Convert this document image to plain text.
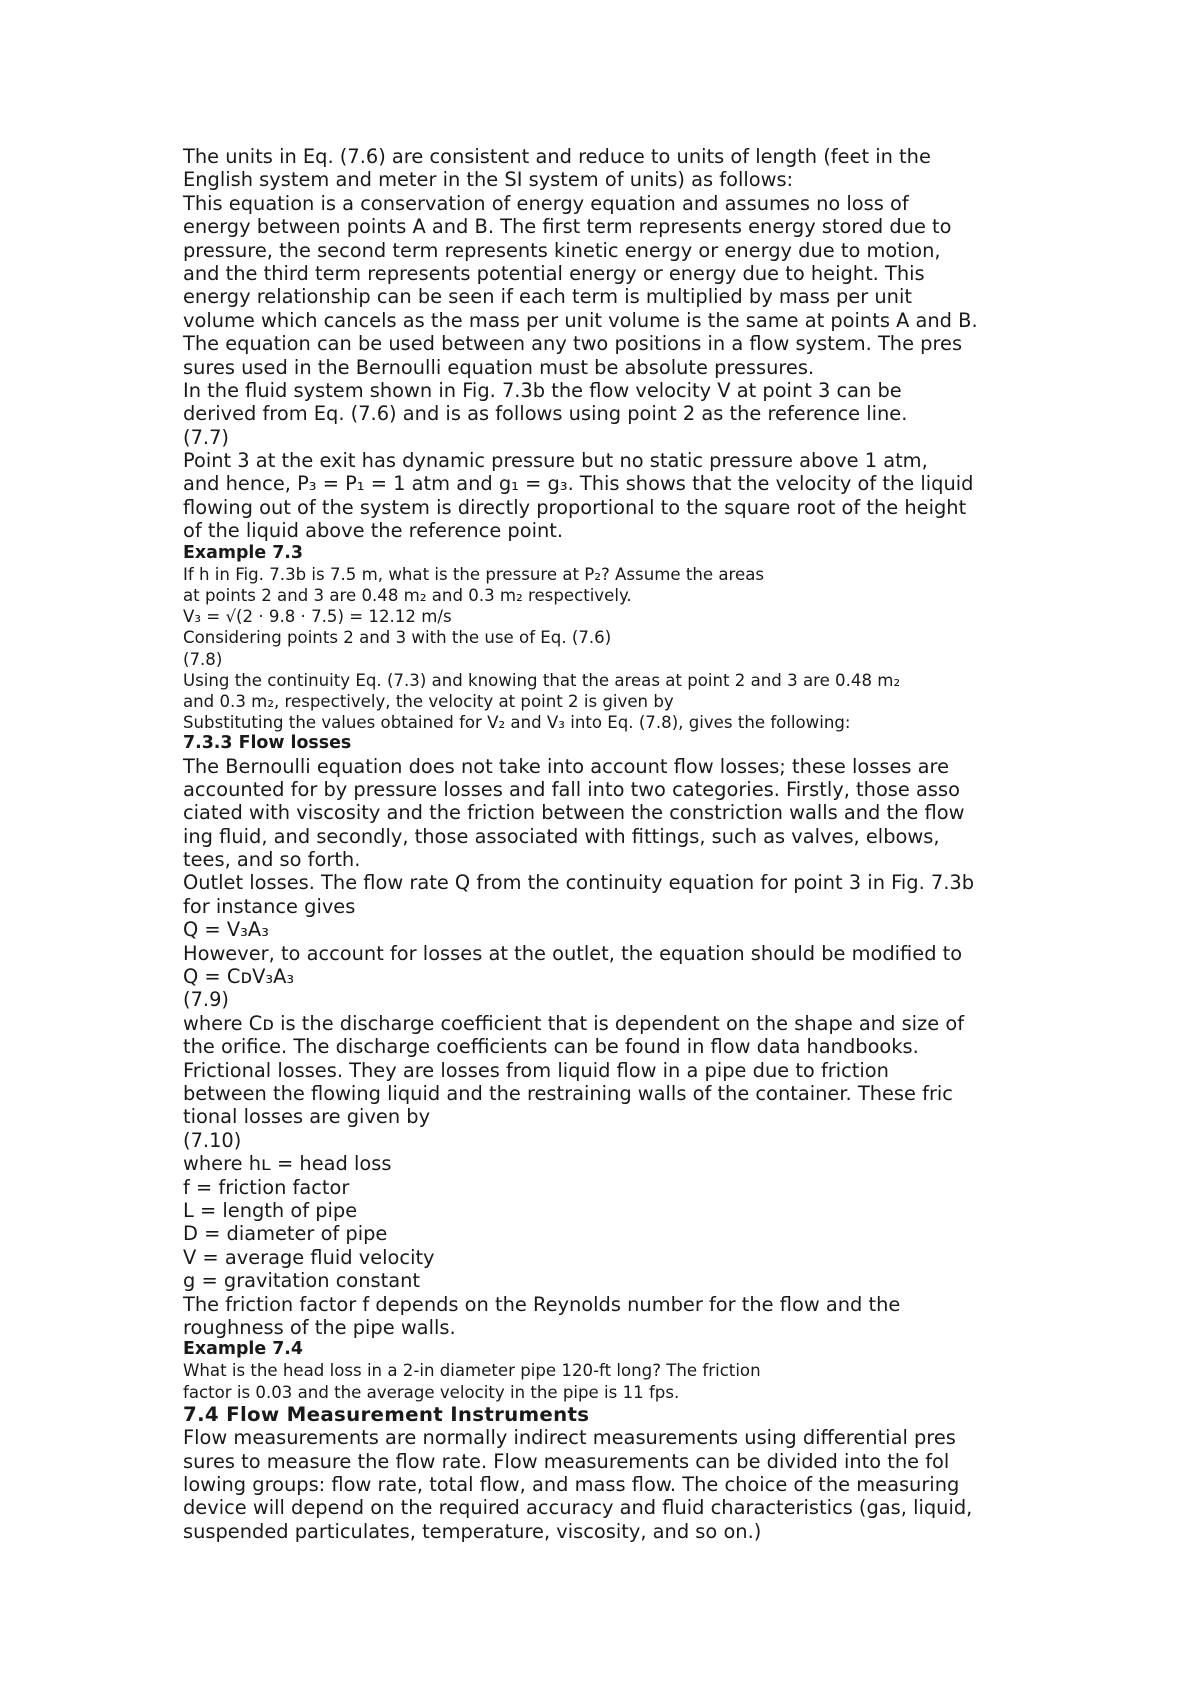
The units in Eq. (7.6) are consistent and reduce to units of length (feet in the
English system and meter in the SI system of units) as follows:
This equation is a conservation of energy equation and assumes no loss of
energy between points A and B. The first term represents energy stored due to
pressure, the second term represents kinetic energy or energy due to motion,
and the third term represents potential energy or energy due to height. This
energy relationship can be seen if each term is multiplied by mass per unit
volume which cancels as the mass per unit volume is the same at points A and B.
The equation can be used between any two positions in a flow system. The pres
sures used in the Bernoulli equation must be absolute pressures.
In the fluid system shown in Fig. 7.3b the flow velocity V at point 3 can be
derived from Eq. (7.6) and is as follows using point 2 as the reference line.
(7.7)
Point 3 at the exit has dynamic pressure but no static pressure above 1 atm,
and hence, P₃ = P₁ = 1 atm and g₁ = g₃. This shows that the velocity of the liquid
flowing out of the system is directly proportional to the square root of the height
of the liquid above the reference point.
Example 7.3
If h in Fig. 7.3b is 7.5 m, what is the pressure at P₂? Assume the areas
at points 2 and 3 are 0.48 m₂ and 0.3 m₂ respectively.
V₃ = √(2 · 9.8 · 7.5) = 12.12 m/s
Considering points 2 and 3 with the use of Eq. (7.6)
(7.8)
Using the continuity Eq. (7.3) and knowing that the areas at point 2 and 3 are 0.48 m₂
and 0.3 m₂, respectively, the velocity at point 2 is given by
Substituting the values obtained for V₂ and V₃ into Eq. (7.8), gives the following:
7.3.3 Flow losses
The Bernoulli equation does not take into account flow losses; these losses are
accounted for by pressure losses and fall into two categories. Firstly, those asso
ciated with viscosity and the friction between the constriction walls and the flow
ing fluid, and secondly, those associated with fittings, such as valves, elbows,
tees, and so forth.
Outlet losses. The flow rate Q from the continuity equation for point 3 in Fig. 7.3b
for instance gives
Q = V₃A₃
However, to account for losses at the outlet, the equation should be modified to
Q = CᴅV₃A₃
(7.9)
where Cᴅ is the discharge coefficient that is dependent on the shape and size of
the orifice. The discharge coefficients can be found in flow data handbooks.
Frictional losses. They are losses from liquid flow in a pipe due to friction
between the flowing liquid and the restraining walls of the container. These fric
tional losses are given by
(7.10)
where hʟ = head loss
f = friction factor
L = length of pipe
D = diameter of pipe
V = average fluid velocity
g = gravitation constant
The friction factor f depends on the Reynolds number for the flow and the
roughness of the pipe walls.
Example 7.4
What is the head loss in a 2-in diameter pipe 120-ft long? The friction
factor is 0.03 and the average velocity in the pipe is 11 fps.
7.4 Flow Measurement Instruments
Flow measurements are normally indirect measurements using differential pres
sures to measure the flow rate. Flow measurements can be divided into the fol
lowing groups: flow rate, total flow, and mass flow. The choice of the measuring
device will depend on the required accuracy and fluid characteristics (gas, liquid,
suspended particulates, temperature, viscosity, and so on.)
